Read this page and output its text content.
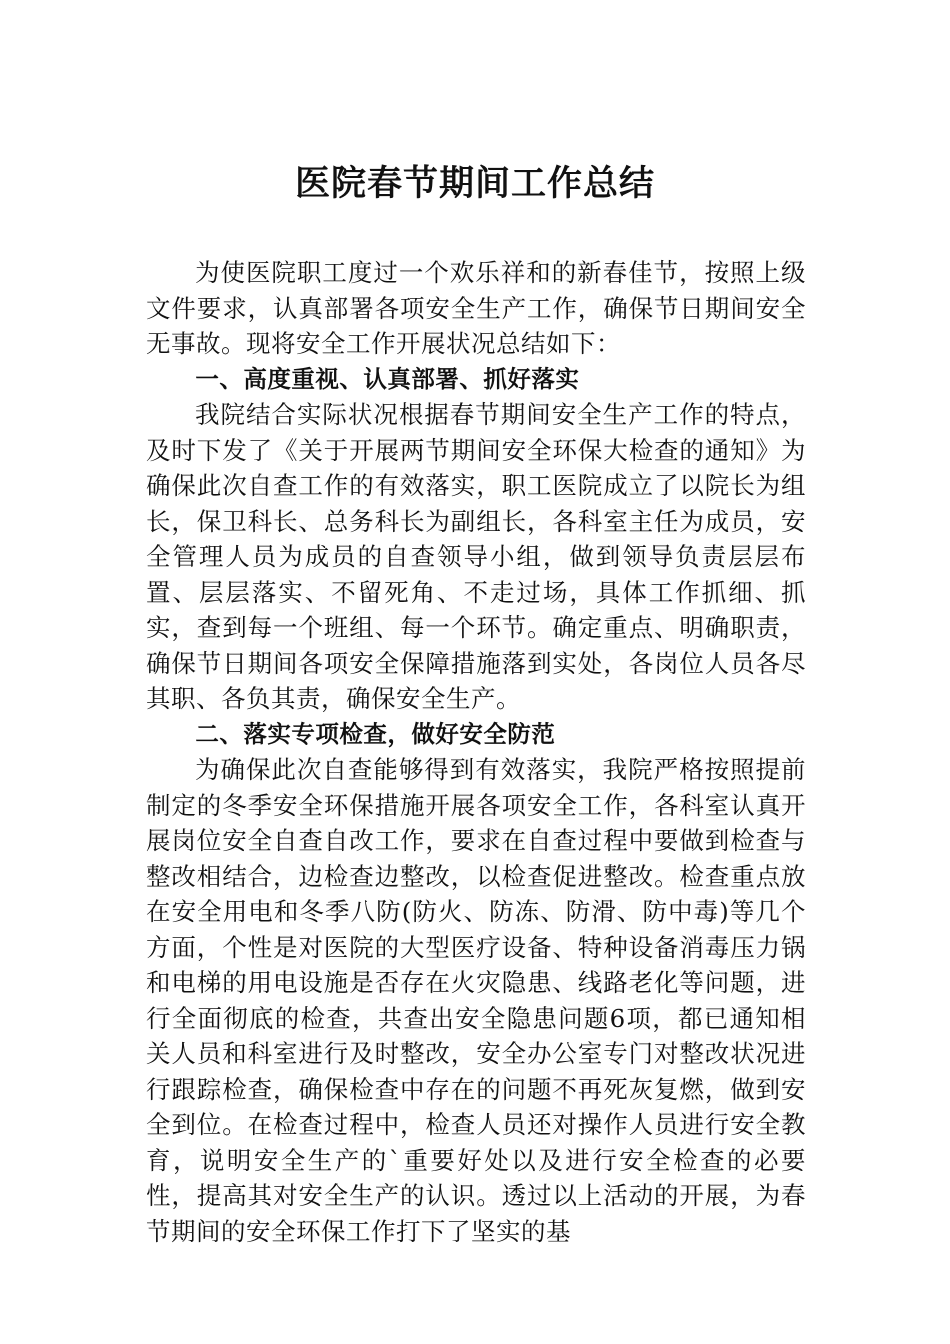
医院春节期间工作总结

为使医院职工度过一个欢乐祥和的新春佳节，按照上级文件要求，认真部署各项安全生产工作，确保节日期间安全无事故。现将安全工作开展状况总结如下：

一、高度重视、认真部署、抓好落实

我院结合实际状况根据春节期间安全生产工作的特点，及时下发了《关于开展两节期间安全环保大检查的通知》为确保此次自查工作的有效落实，职工医院成立了以院长为组长，保卫科长、总务科长为副组长，各科室主任为成员，安全管理人员为成员的自查领导小组，做到领导负责层层布置、层层落实、不留死角、不走过场，具体工作抓细、抓实，查到每一个班组、每一个环节。确定重点、明确职责，确保节日期间各项安全保障措施落到实处，各岗位人员各尽其职、各负其责，确保安全生产。

二、落实专项检查，做好安全防范

为确保此次自查能够得到有效落实，我院严格按照提前制定的冬季安全环保措施开展各项安全工作，各科室认真开展岗位安全自查自改工作，要求在自查过程中要做到检查与整改相结合，边检查边整改，以检查促进整改。检查重点放在安全用电和冬季八防(防火、防冻、防滑、防中毒)等几个方面，个性是对医院的大型医疗设备、特种设备消毒压力锅和电梯的用电设施是否存在火灾隐患、线路老化等问题，进行全面彻底的检查，共查出安全隐患问题6项，都已通知相关人员和科室进行及时整改，安全办公室专门对整改状况进行跟踪检查，确保检查中存在的问题不再死灰复燃，做到安全到位。在检查过程中，检查人员还对操作人员进行安全教育，说明安全生产的`重要好处以及进行安全检查的必要性，提高其对安全生产的认识。透过以上活动的开展，为春节期间的安全环保工作打下了坚实的基
